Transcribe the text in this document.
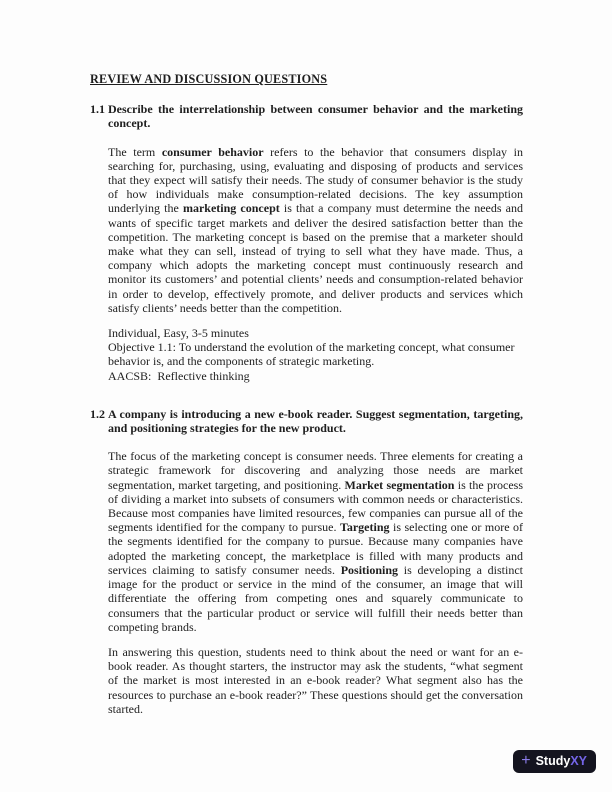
REVIEW AND DISCUSSION QUESTIONS
1.1 Describe the interrelationship between consumer behavior and the marketing concept.

The term consumer behavior refers to the behavior that consumers display in searching for, purchasing, using, evaluating and disposing of products and services that they expect will satisfy their needs. The study of consumer behavior is the study of how individuals make consumption-related decisions. The key assumption underlying the marketing concept is that a company must determine the needs and wants of specific target markets and deliver the desired satisfaction better than the competition. The marketing concept is based on the premise that a marketer should make what they can sell, instead of trying to sell what they have made. Thus, a company which adopts the marketing concept must continuously research and monitor its customers’ and potential clients’ needs and consumption-related behavior in order to develop, effectively promote, and deliver products and services which satisfy clients’ needs better than the competition.

Individual, Easy, 3-5 minutes

Objective 1.1: To understand the evolution of the marketing concept, what consumer behavior is, and the components of strategic marketing.

AACSB:  Reflective thinking

1.2 A company is introducing a new e-book reader. Suggest segmentation, targeting, and positioning strategies for the new product.

The focus of the marketing concept is consumer needs. Three elements for creating a strategic framework for discovering and analyzing those needs are market segmentation, market targeting, and positioning. Market segmentation is the process of dividing a market into subsets of consumers with common needs or characteristics. Because most companies have limited resources, few companies can pursue all of the segments identified for the company to pursue. Targeting is selecting one or more of the segments identified for the company to pursue. Because many companies have adopted the marketing concept, the marketplace is filled with many products and services claiming to satisfy consumer needs. Positioning is developing a distinct image for the product or service in the mind of the consumer, an image that will differentiate the offering from competing ones and squarely communicate to consumers that the particular product or service will fulfill their needs better than competing brands.

In answering this question, students need to think about the need or want for an e-book reader. As thought starters, the instructor may ask the students, “what segment of the market is most interested in an e-book reader? What segment also has the resources to purchase an e-book reader?” These questions should get the conversation started.

+ StudyXY
